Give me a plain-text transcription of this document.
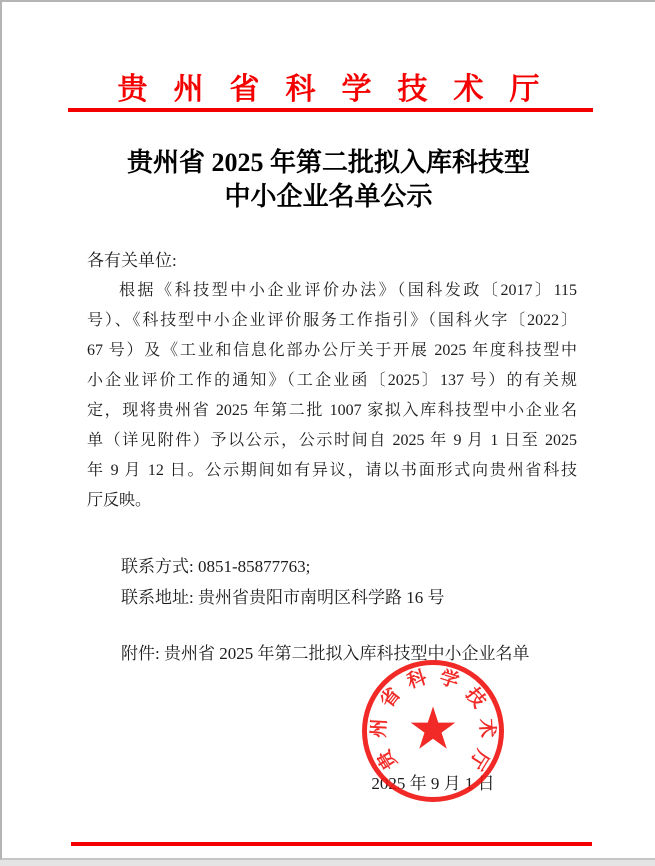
贵州省科学技术厅
贵州省 2025 年第二批拟入库科技型
中小企业名单公示
各有关单位:
根据《科技型中小企业评价办法》（国科发政〔2017〕115
号）、《科技型中小企业评价服务工作指引》（国科火字〔2022〕
67 号）及《工业和信息化部办公厅关于开展 2025 年度科技型中
小企业评价工作的通知》（工企业函〔2025〕137 号）的有关规
定，现将贵州省 2025 年第二批 1007 家拟入库科技型中小企业名
单（详见附件）予以公示，公示时间自 2025 年 9 月 1 日至 2025
年 9 月 12 日。公示期间如有异议，请以书面形式向贵州省科技
厅反映。
联系方式: 0851-85877763;
联系地址: 贵州省贵阳市南明区科学路 16 号
附件: 贵州省 2025 年第二批拟入库科技型中小企业名单
2025 年 9 月 1 日
★
贵
州
省
科 学
技
术
厅
